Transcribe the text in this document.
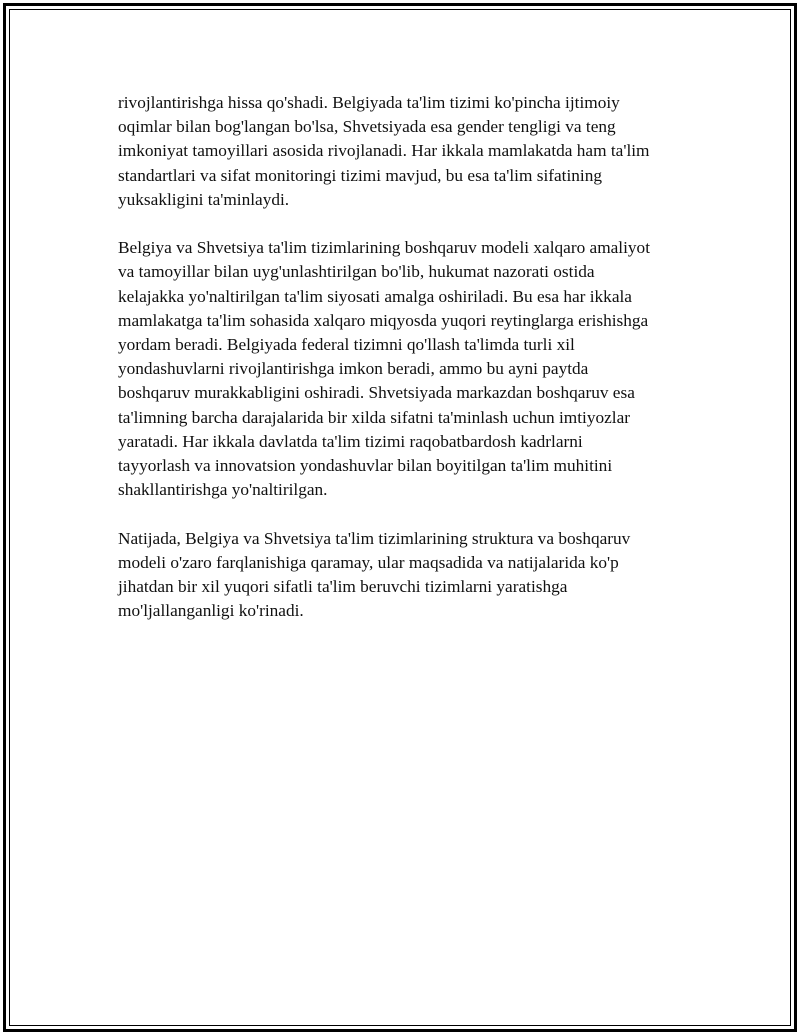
rivojlantirishga hissa qo'shadi. Belgiyada ta'lim tizimi ko'pincha ijtimoiy
oqimlar bilan bog'langan bo'lsa, Shvetsiyada esa gender tengligi va teng
imkoniyat tamoyillari asosida rivojlanadi. Har ikkala mamlakatda ham ta'lim
standartlari va sifat monitoringi tizimi mavjud, bu esa ta'lim sifatining
yuksakligini ta'minlaydi.

Belgiya va Shvetsiya ta'lim tizimlarining boshqaruv modeli xalqaro amaliyot
va tamoyillar bilan uyg'unlashtirilgan bo'lib, hukumat nazorati ostida
kelajakka yo'naltirilgan ta'lim siyosati amalga oshiriladi. Bu esa har ikkala
mamlakatga ta'lim sohasida xalqaro miqyosda yuqori reytinglarga erishishga
yordam beradi. Belgiyada federal tizimni qo'llash ta'limda turli xil
yondashuvlarni rivojlantirishga imkon beradi, ammo bu ayni paytda
boshqaruv murakkabligini oshiradi. Shvetsiyada markazdan boshqaruv esa
ta'limning barcha darajalarida bir xilda sifatni ta'minlash uchun imtiyozlar
yaratadi. Har ikkala davlatda ta'lim tizimi raqobatbardosh kadrlarni
tayyorlash va innovatsion yondashuvlar bilan boyitilgan ta'lim muhitini
shakllantirishga yo'naltirilgan.

Natijada, Belgiya va Shvetsiya ta'lim tizimlarining struktura va boshqaruv
modeli o'zaro farqlanishiga qaramay, ular maqsadida va natijalarida ko'p
jihatdan bir xil yuqori sifatli ta'lim beruvchi tizimlarni yaratishga
mo'ljallanganligi ko'rinadi.
